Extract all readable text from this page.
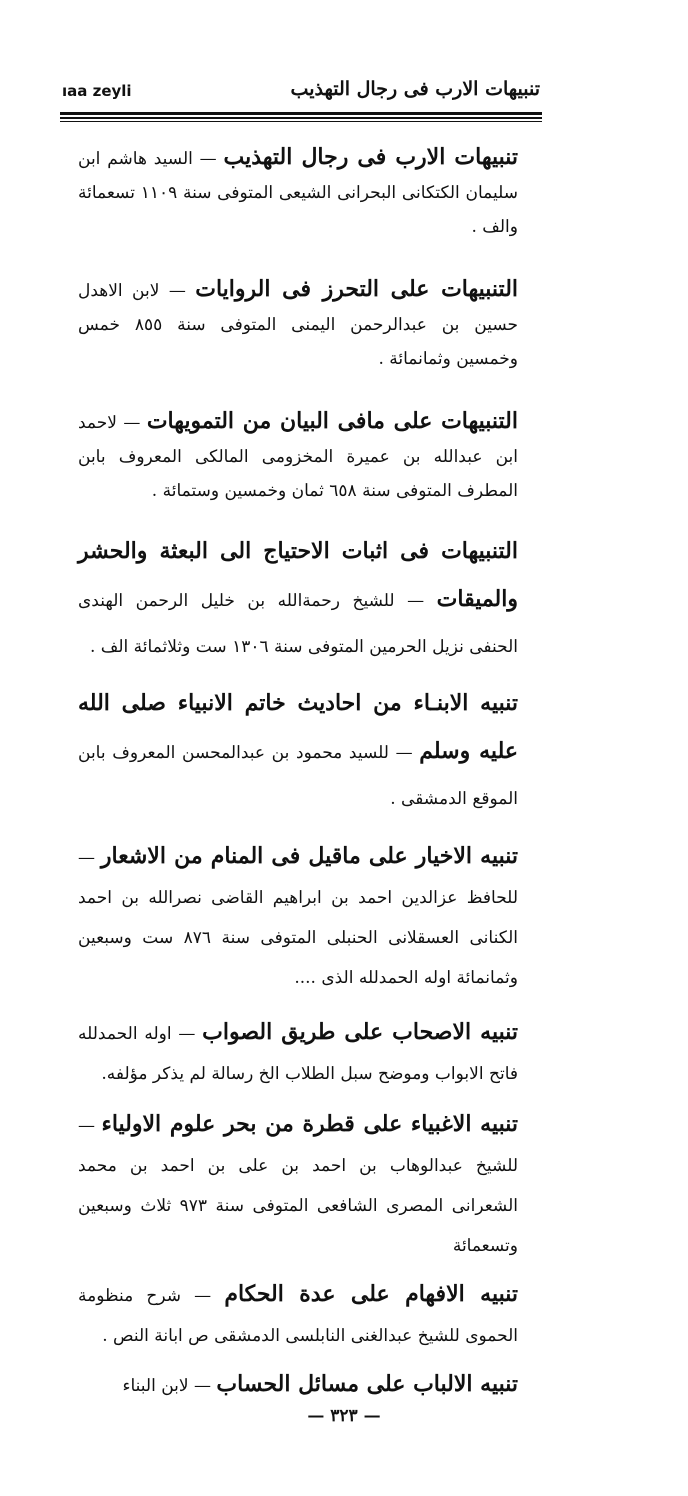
ıaa zeyli	تنبيهات الارب فى رجال التهذيب

تنبيهات الارب فى رجال التهذيب — السيد هاشم ابن سليمان الكتكانى البحرانى الشيعى المتوفى سنة ١١٠٩ تسعمائة والف .

التنبيهات على التحرز فى الروايات — لابن الاهدل حسين بن عبدالرحمن اليمنى المتوفى سنة ٨٥٥ خمس وخمسين وثمانمائة .

التنبيهات على مافى البيان من التمويهات — لاحمد ابن عبدالله بن عميرة المخزومى المالكى المعروف بابن المطرف المتوفى سنة ٦٥٨ ثمان وخمسين وستمائة .

التنبيهات فى اثبات الاحتياج الى البعثة والحشر والميقات — للشيخ رحمةالله بن خليل الرحمن الهندى الحنفى نزيل الحرمين المتوفى سنة ١٣٠٦ ست وثلاثمائة الف .

تنبيه الابنـاء من احاديث خاتم الانبياء صلى الله عليه وسلم — للسيد محمود بن عبدالمحسن المعروف بابن الموقع الدمشقى .

تنبيه الاخيار على ماقيل فى المنام من الاشعار — للحافظ عزالدين احمد بن ابراهيم القاضى نصرالله بن احمد الكنانى العسقلانى الحنبلى المتوفى سنة ٨٧٦ ست وسبعين وثمانمائة اوله الحمدلله الذى ....

تنبيه الاصحاب على طريق الصواب — اوله الحمدلله فاتح الابواب وموضح سبل الطلاب الخ رسالة لم يذكر مؤلفه.

تنبيه الاغبياء على قطرة من بحر علوم الاولياء — للشيخ عبدالوهاب بن احمد بن على بن احمد بن محمد الشعرانى المصرى الشافعى المتوفى سنة ٩٧٣ ثلاث وسبعين وتسعمائة

تنبيه الافهام على عدة الحكام — شرح منظومة الحموى للشيخ عبدالغنى النابلسى الدمشقى ص ابانة النص .

تنبيه الالباب على مسائل الحساب — لابن البناء

— ٣٢٣ —
